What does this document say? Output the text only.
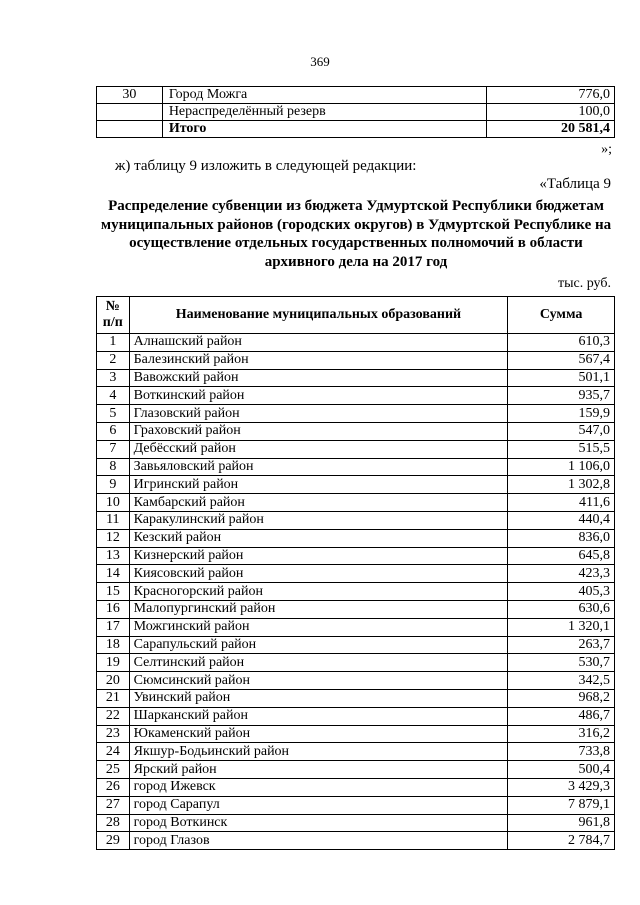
369
30	Город Можга	776,0
	Нераспределённый резерв	100,0
	Итого	20 581,4
»;
ж) таблицу 9 изложить в следующей редакции:
«Таблица 9
Распределение субвенции из бюджета Удмуртской Республики бюджетам муниципальных районов (городских округов) в Удмуртской Республике на осуществление отдельных государственных полномочий в области архивного дела на 2017 год
тыс. руб.
№
п/п	Наименование муниципальных образований	Сумма
1	Алнашский район	610,3
2	Балезинский район	567,4
3	Вавожский район	501,1
4	Воткинский район	935,7
5	Глазовский район	159,9
6	Граховский район	547,0
7	Дебёсский район	515,5
8	Завьяловский район	1 106,0
9	Игринский район	1 302,8
10	Камбарский район	411,6
11	Каракулинский район	440,4
12	Кезский район	836,0
13	Кизнерский район	645,8
14	Киясовский район	423,3
15	Красногорский район	405,3
16	Малопургинский район	630,6
17	Можгинский район	1 320,1
18	Сарапульский район	263,7
19	Селтинский район	530,7
20	Сюмсинский район	342,5
21	Увинский район	968,2
22	Шарканский район	486,7
23	Юкаменский район	316,2
24	Якшур-Бодьинский район	733,8
25	Ярский район	500,4
26	город Ижевск	3 429,3
27	город Сарапул	7 879,1
28	город Воткинск	961,8
29	город Глазов	2 784,7
